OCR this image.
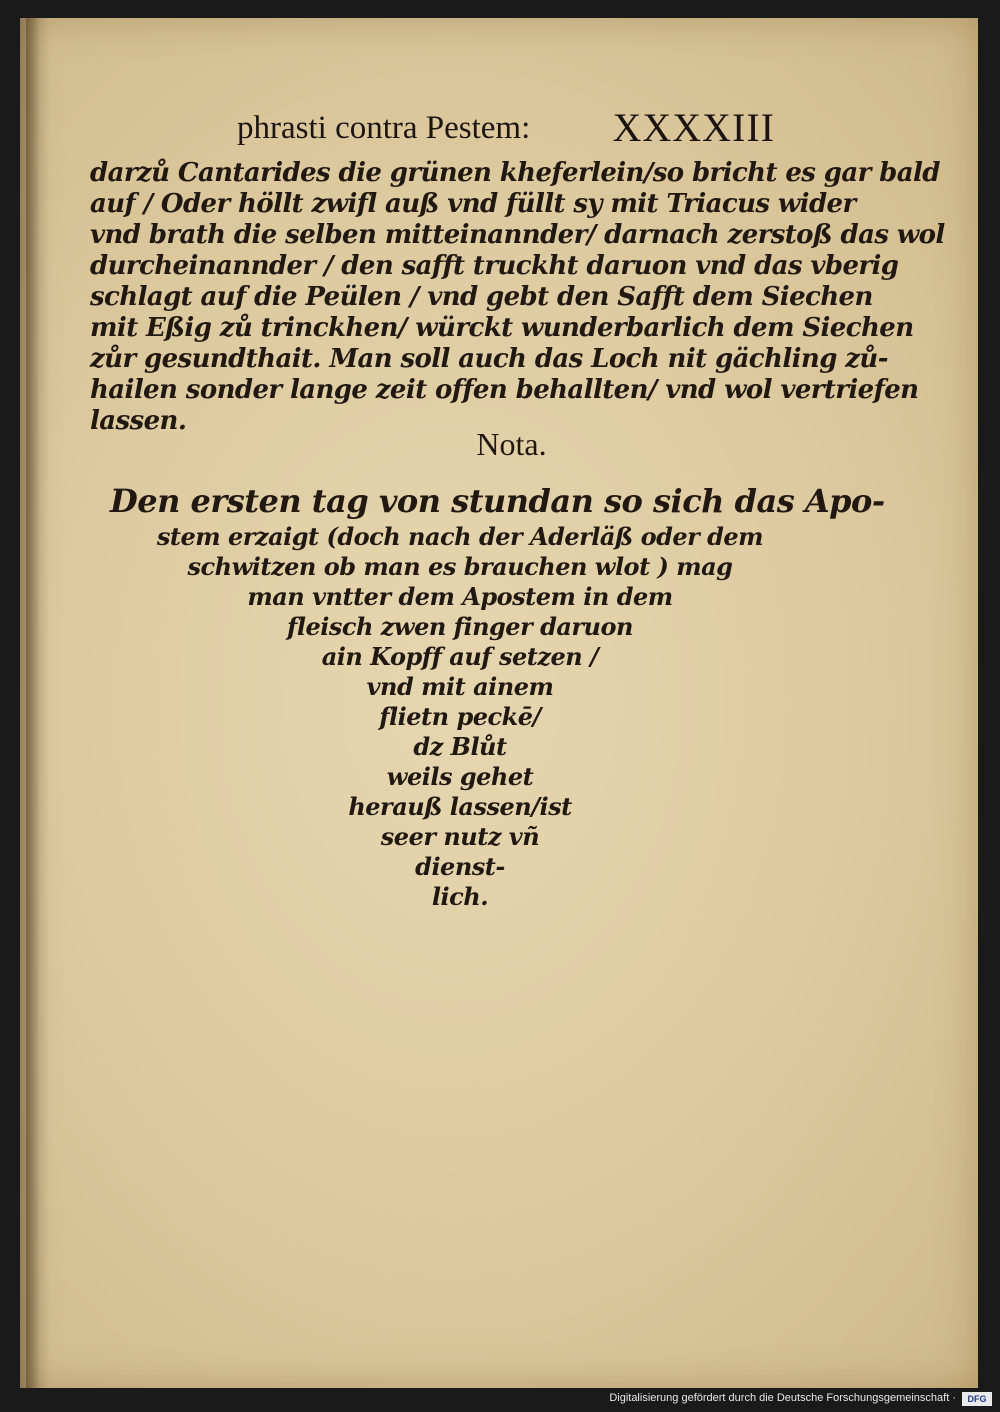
phrasti contra Pestem: XXXXIII
darzů Cantarides die grünen kheferlein/so bricht es gar bald
auf / Oder höllt zwifl auß vnd füllt sy mit Triacus wider
vnd brath die selben mitteinannder/ darnach zerstoß das wol
durcheinannder / den safft truckht daruon vnd das vberig
schlagt auf die Peülen / vnd gebt den Safft dem Siechen
mit Eßig zů trinckhen/ würckt wunderbarlich dem Siechen
zůr gesundthait. Man soll auch das Loch nit gächling zů-
hailen sonder lange zeit offen behallten/ vnd wol vertriefen
lassen.
Nota.
Den ersten tag von stundan so sich das Apo-
stem erzaigt (doch nach der Aderläß oder dem
schwitzen ob man es brauchen wlot ) mag
man vntter dem Apostem in dem
fleisch zwen finger daruon
ain Kopff auf setzen /
vnd mit ainem
flietn peckē/
dz Blůt
weils gehet
herauß lassen/ist
seer nutz vñ
dienst-
lich.
Digitalisierung gefördert durch die Deutsche Forschungsgemeinschaft ·	DFG
